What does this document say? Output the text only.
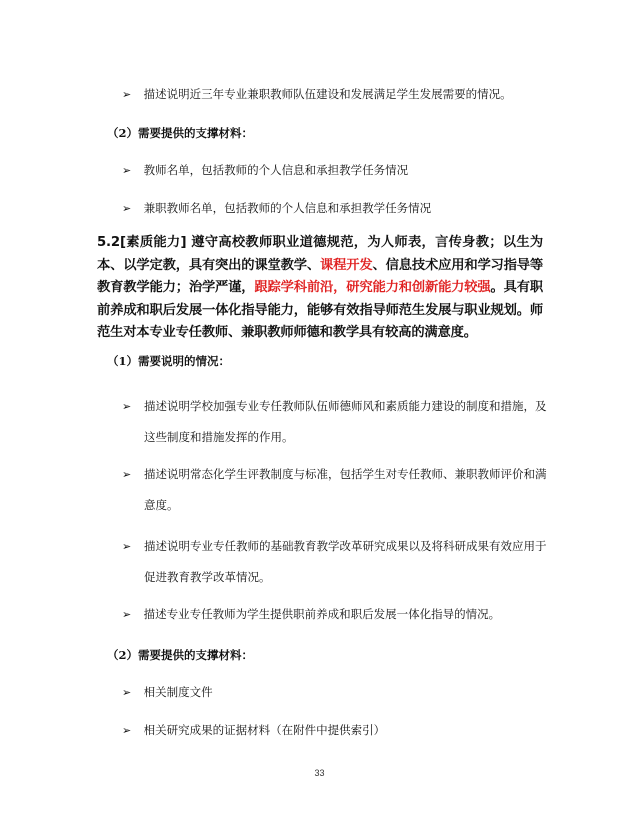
➢ 描述说明近三年专业兼职教师队伍建设和发展满足学生发展需要的情况。
（2）需要提供的支撑材料：
➢ 教师名单，包括教师的个人信息和承担教学任务情况
➢ 兼职教师名单，包括教师的个人信息和承担教学任务情况
5.2[素质能力] 遵守高校教师职业道德规范，为人师表，言传身教；以生为本、以学定教，具有突出的课堂教学、课程开发、信息技术应用和学习指导等教育教学能力；治学严谨，跟踪学科前沿，研究能力和创新能力较强。具有职前养成和职后发展一体化指导能力，能够有效指导师范生发展与职业规划。师范生对本专业专任教师、兼职教师师德和教学具有较高的满意度。
（1）需要说明的情况：
➢	描述说明学校加强专业专任教师队伍师德师风和素质能力建设的制度和措施，及这些制度和措施发挥的作用。
➢	描述说明常态化学生评教制度与标准，包括学生对专任教师、兼职教师评价和满意度。
➢	描述说明专业专任教师的基础教育教学改革研究成果以及将科研成果有效应用于促进教育教学改革情况。
➢ 描述专业专任教师为学生提供职前养成和职后发展一体化指导的情况。
（2）需要提供的支撑材料：
➢ 相关制度文件
➢ 相关研究成果的证据材料（在附件中提供索引）
33
